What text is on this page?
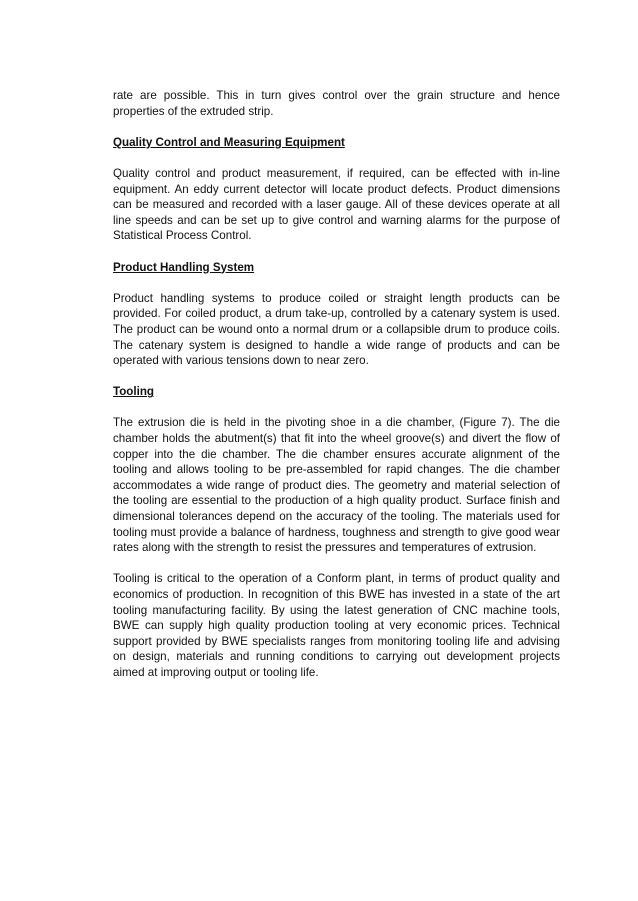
rate are possible. This in turn gives control over the grain structure and hence properties of the extruded strip.

Quality Control and Measuring Equipment

Quality control and product measurement, if required, can be effected with in-line equipment. An eddy current detector will locate product defects. Product dimensions can be measured and recorded with a laser gauge. All of these devices operate at all line speeds and can be set up to give control and warning alarms for the purpose of Statistical Process Control.

Product Handling System

Product handling systems to produce coiled or straight length products can be provided. For coiled product, a drum take-up, controlled by a catenary system is used. The product can be wound onto a normal drum or a collapsible drum to produce coils. The catenary system is designed to handle a wide range of products and can be operated with various tensions down to near zero.

Tooling

The extrusion die is held in the pivoting shoe in a die chamber, (Figure 7). The die chamber holds the abutment(s) that fit into the wheel groove(s) and divert the flow of copper into the die chamber. The die chamber ensures accurate alignment of the tooling and allows tooling to be pre-assembled for rapid changes. The die chamber accommodates a wide range of product dies. The geometry and material selection of the tooling are essential to the production of a high quality product. Surface finish and dimensional tolerances depend on the accuracy of the tooling. The materials used for tooling must provide a balance of hardness, toughness and strength to give good wear rates along with the strength to resist the pressures and temperatures of extrusion.

Tooling is critical to the operation of a Conform plant, in terms of product quality and economics of production. In recognition of this BWE has invested in a state of the art tooling manufacturing facility. By using the latest generation of CNC machine tools, BWE can supply high quality production tooling at very economic prices. Technical support provided by BWE specialists ranges from monitoring tooling life and advising on design, materials and running conditions to carrying out development projects aimed at improving output or tooling life.
